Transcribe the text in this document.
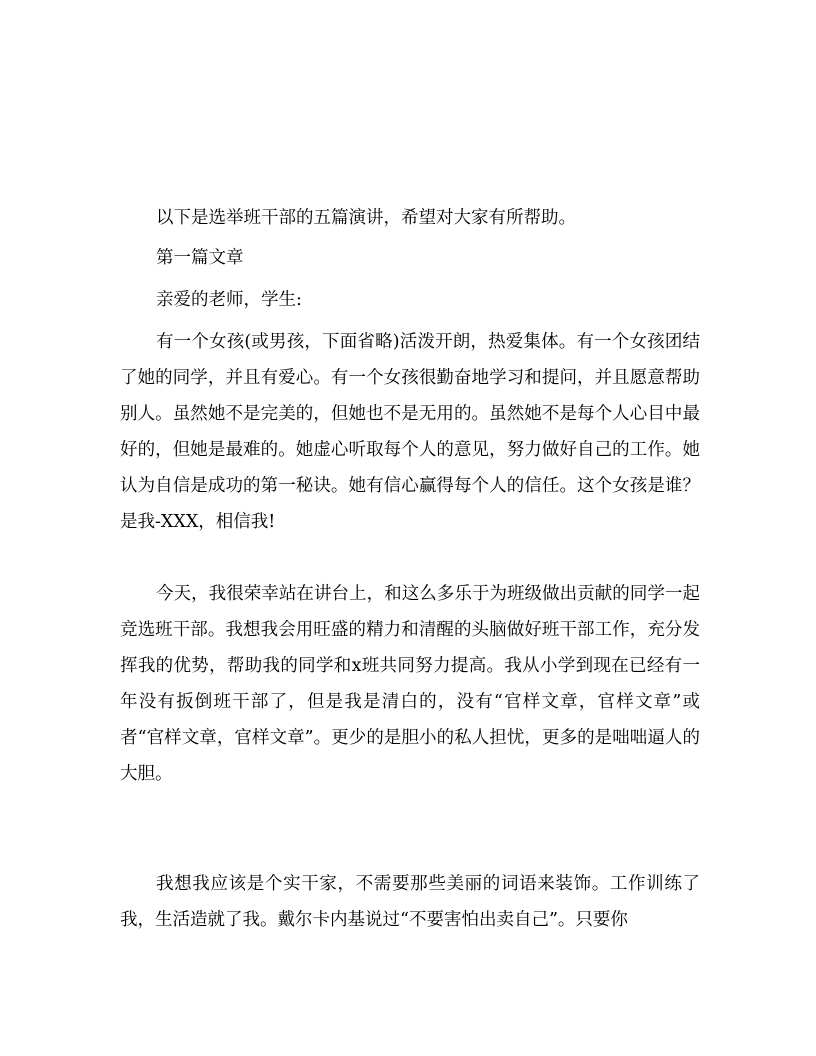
以下是选举班干部的五篇演讲，希望对大家有所帮助。

第一篇文章

亲爱的老师，学生:

有一个女孩(或男孩，下面省略)活泼开朗，热爱集体。有一个女孩团结了她的同学，并且有爱心。有一个女孩很勤奋地学习和提问，并且愿意帮助别人。虽然她不是完美的，但她也不是无用的。虽然她不是每个人心目中最好的，但她是最难的。她虚心听取每个人的意见，努力做好自己的工作。她认为自信是成功的第一秘诀。她有信心赢得每个人的信任。这个女孩是谁？是我-XXX，相信我!

今天，我很荣幸站在讲台上，和这么多乐于为班级做出贡献的同学一起竞选班干部。我想我会用旺盛的精力和清醒的头脑做好班干部工作，充分发挥我的优势，帮助我的同学和x班共同努力提高。我从小学到现在已经有一年没有扳倒班干部了，但是我是清白的，没有“官样文章，官样文章”或者“官样文章，官样文章”。更少的是胆小的私人担忧，更多的是咄咄逼人的大胆。

我想我应该是个实干家，不需要那些美丽的词语来装饰。工作训练了我，生活造就了我。戴尔卡内基说过“不要害怕出卖自己”。只要你
